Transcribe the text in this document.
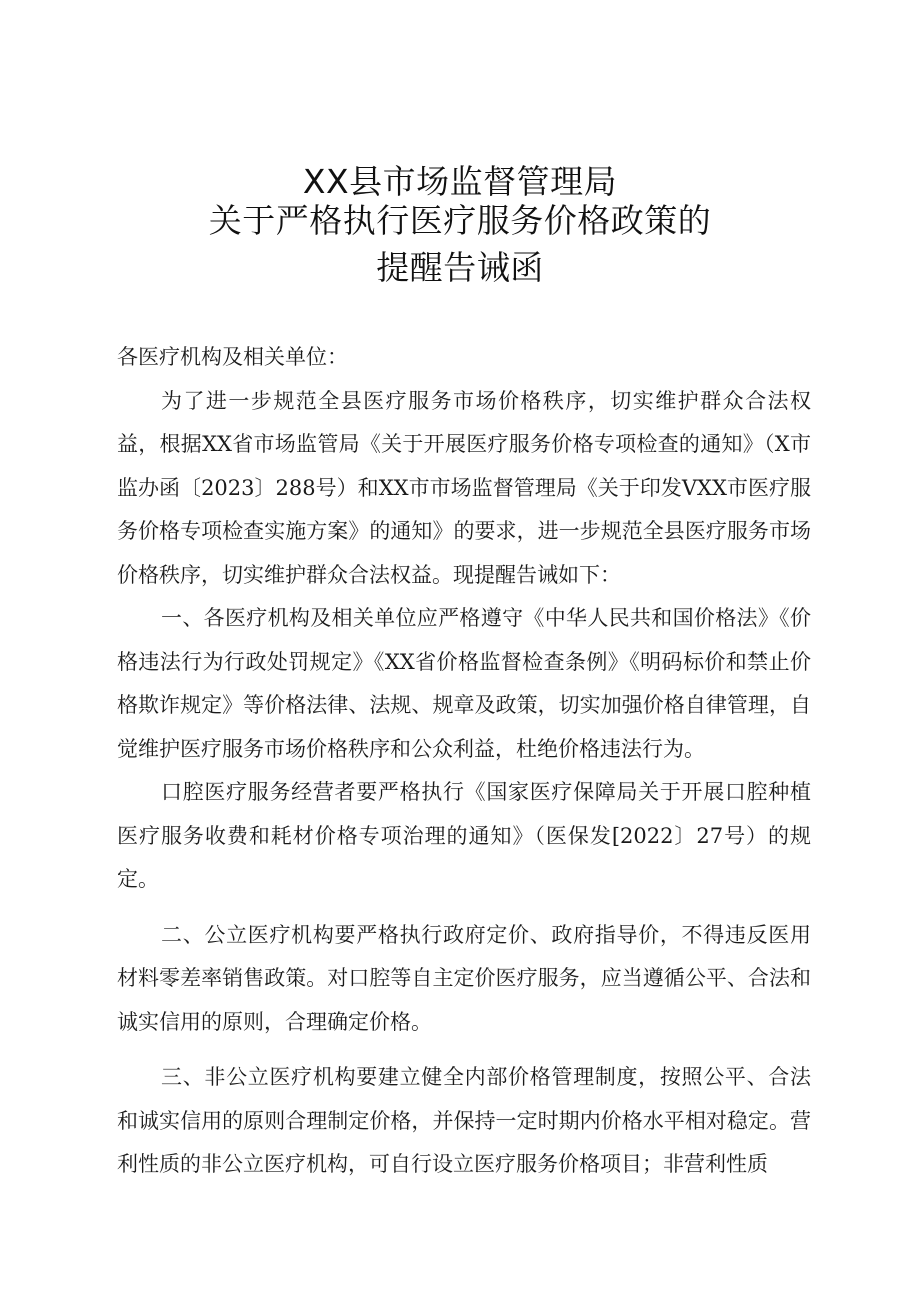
XX县市场监督管理局
关于严格执行医疗服务价格政策的
提醒告诫函

各医疗机构及相关单位：

为了进一步规范全县医疗服务市场价格秩序，切实维护群众合法权益，根据XX省市场监管局《关于开展医疗服务价格专项检查的通知》（X市监办函〔2023〕288号）和XX市市场监督管理局《关于印发VXX市医疗服务价格专项检查实施方案》的通知》的要求，进一步规范全县医疗服务市场价格秩序，切实维护群众合法权益。现提醒告诫如下：

一、各医疗机构及相关单位应严格遵守《中华人民共和国价格法》《价格违法行为行政处罚规定》《XX省价格监督检查条例》《明码标价和禁止价格欺诈规定》等价格法律、法规、规章及政策，切实加强价格自律管理，自觉维护医疗服务市场价格秩序和公众利益，杜绝价格违法行为。

口腔医疗服务经营者要严格执行《国家医疗保障局关于开展口腔种植医疗服务收费和耗材价格专项治理的通知》（医保发[2022〕27号）的规定。

二、公立医疗机构要严格执行政府定价、政府指导价，不得违反医用材料零差率销售政策。对口腔等自主定价医疗服务，应当遵循公平、合法和诚实信用的原则，合理确定价格。

三、非公立医疗机构要建立健全内部价格管理制度，按照公平、合法和诚实信用的原则合理制定价格，并保持一定时期内价格水平相对稳定。营利性质的非公立医疗机构，可自行设立医疗服务价格项目；非营利性质
